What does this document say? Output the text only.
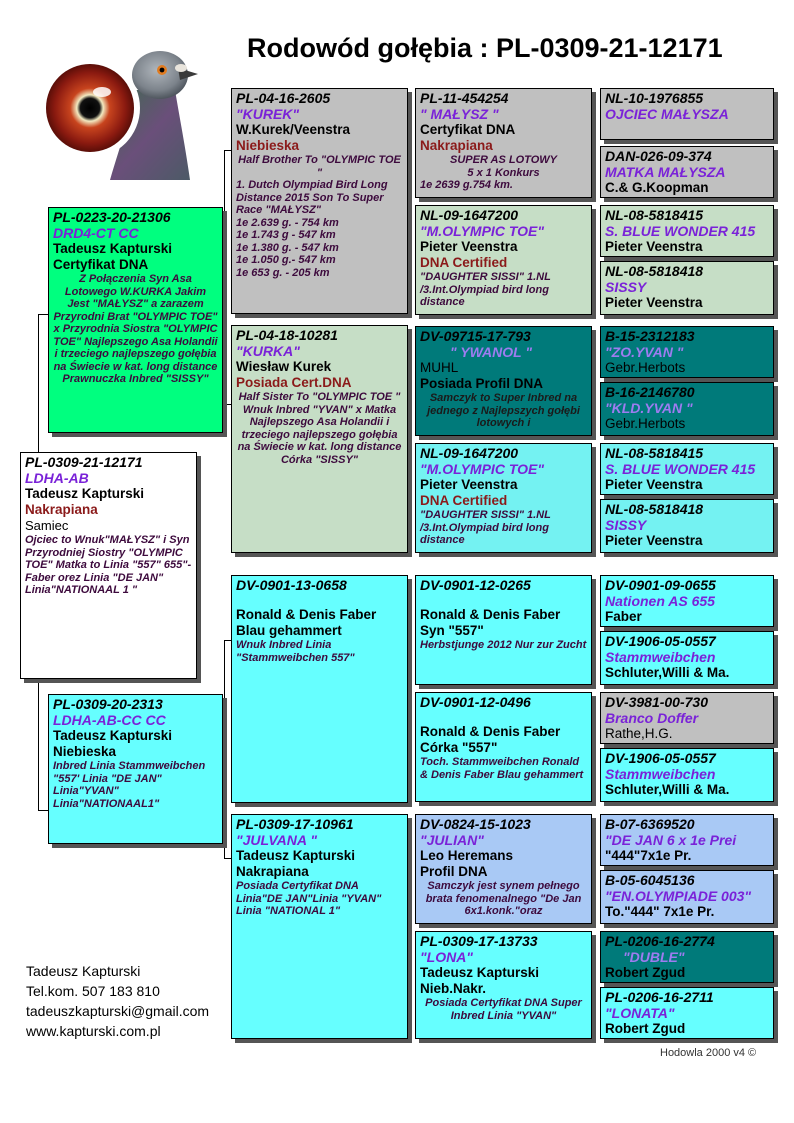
Rodowód gołębia : PL-0309-21-12171
PL-0309-21-12171
LDHA-AB
Tadeusz Kapturski
Nakrapiana
Samiec
Ojciec to Wnuk"MAŁYSZ" i Syn Przyrodniej Siostry "OLYMPIC TOE" Matka to Linia "557" 655"- Faber orez Linia "DE JAN" Linia"NATIONAAL 1 "
PL-0223-20-21306
DRD4-CT CC
Tadeusz Kapturski
Certyfikat DNA
Z Połączenia Syn Asa Lotowego W.KURKA Jakim Jest "MAŁYSZ" a zarazem Przyrodni Brat "OLYMPIC TOE" x Przyrodnia Siostra "OLYMPIC TOE" Najlepszego Asa Holandii i trzeciego najlepszego gołębia na Świecie w kat. long distance Prawnuczka Inbred "SISSY"
PL-0309-20-2313
LDHA-AB-CC CC
Tadeusz Kapturski
Niebieska
Inbred Linia Stammweibchen "557' Linia "DE JAN" Linia"YVAN" Linia"NATIONAAL1"
PL-04-16-2605
"KUREK"
W.Kurek/Veenstra
Niebieska
Half Brother To "OLYMPIC TOE "
1. Dutch Olympiad Bird Long Distance 2015 Son To Super Race "MAŁYSZ"
1e 2.639 g. - 754 km
1e 1.743 g - 547 km
1e 1.380 g. - 547 km
1e 1.050 g.- 547 km
1e 653 g. - 205 km
PL-04-18-10281
"KURKA"
Wiesław Kurek
Posiada Cert.DNA
Half Sister To "OLYMPIC TOE "
Wnuk Inbred "YVAN" x Matka Najlepszego Asa Holandii i trzeciego najlepszego gołębia na Świecie w kat. long distance Córka "SISSY"
DV-0901-13-0658
Ronald & Denis Faber
Blau gehammert
Wnuk Inbred Linia "Stammweibchen 557"
PL-0309-17-10961
"JULVANA "
Tadeusz Kapturski
Nakrapiana
Posiada Certyfikat DNA Linia"DE JAN"Linia "YVAN" Linia "NATIONAL 1"
PL-11-454254
" MAŁYSZ "
Certyfikat DNA
Nakrapiana
SUPER AS LOTOWY
5 x 1 Konkurs
1e 2639 g.754 km.
NL-09-1647200
"M.OLYMPIC TOE"
Pieter Veenstra
DNA Certified
"DAUGHTER SISSI" 1.NL /3.Int.Olympiad bird long distance
DV-09715-17-793
" YWANOL "
MUHL
Posiada Profil DNA
Samczyk to Super Inbred na jednego z Najlepszych gołębi lotowych i
NL-09-1647200
"M.OLYMPIC TOE"
Pieter Veenstra
DNA Certified
"DAUGHTER SISSI" 1.NL /3.Int.Olympiad bird long distance
DV-0901-12-0265
Ronald & Denis Faber
Syn "557"
Herbstjunge 2012 Nur zur Zucht
DV-0901-12-0496
Ronald & Denis Faber
Córka "557"
Toch. Stammweibchen Ronald & Denis Faber Blau gehammert
DV-0824-15-1023
"JULIAN"
Leo Heremans
Profil DNA
Samczyk jest synem pełnego brata fenomenalnego "De Jan 6x1.konk."oraz
PL-0309-17-13733
"LONA"
Tadeusz Kapturski
Nieb.Nakr.
Posiada Certyfikat DNA Super Inbred Linia "YVAN"
NL-10-1976855
OJCIEC MAŁYSZA
DAN-026-09-374
MATKA MAŁYSZA
C.& G.Koopman
NL-08-5818415
S. BLUE WONDER 415
Pieter Veenstra
NL-08-5818418
SISSY
Pieter Veenstra
B-15-2312183
"ZO.YVAN "
Gebr.Herbots
B-16-2146780
"KLD.YVAN "
Gebr.Herbots
NL-08-5818415
S. BLUE WONDER 415
Pieter Veenstra
NL-08-5818418
SISSY
Pieter Veenstra
DV-0901-09-0655
Nationen AS 655
Faber
DV-1906-05-0557
Stammweibchen
Schluter,Willi & Ma.
DV-3981-00-730
Branco Doffer
Rathe,H.G.
DV-1906-05-0557
Stammweibchen
Schluter,Willi & Ma.
B-07-6369520
"DE JAN 6 x 1e Prei
"444"7x1e Pr.
B-05-6045136
"EN.OLYMPIADE 003"
To."444" 7x1e Pr.
PL-0206-16-2774
"DUBLE"
Robert Zgud
PL-0206-16-2711
"LONATA"
Robert Zgud
Tadeusz Kapturski
Tel.kom. 507 183 810
tadeuszkapturski@gmail.com
www.kapturski.com.pl
Hodowla 2000 v4 ©
